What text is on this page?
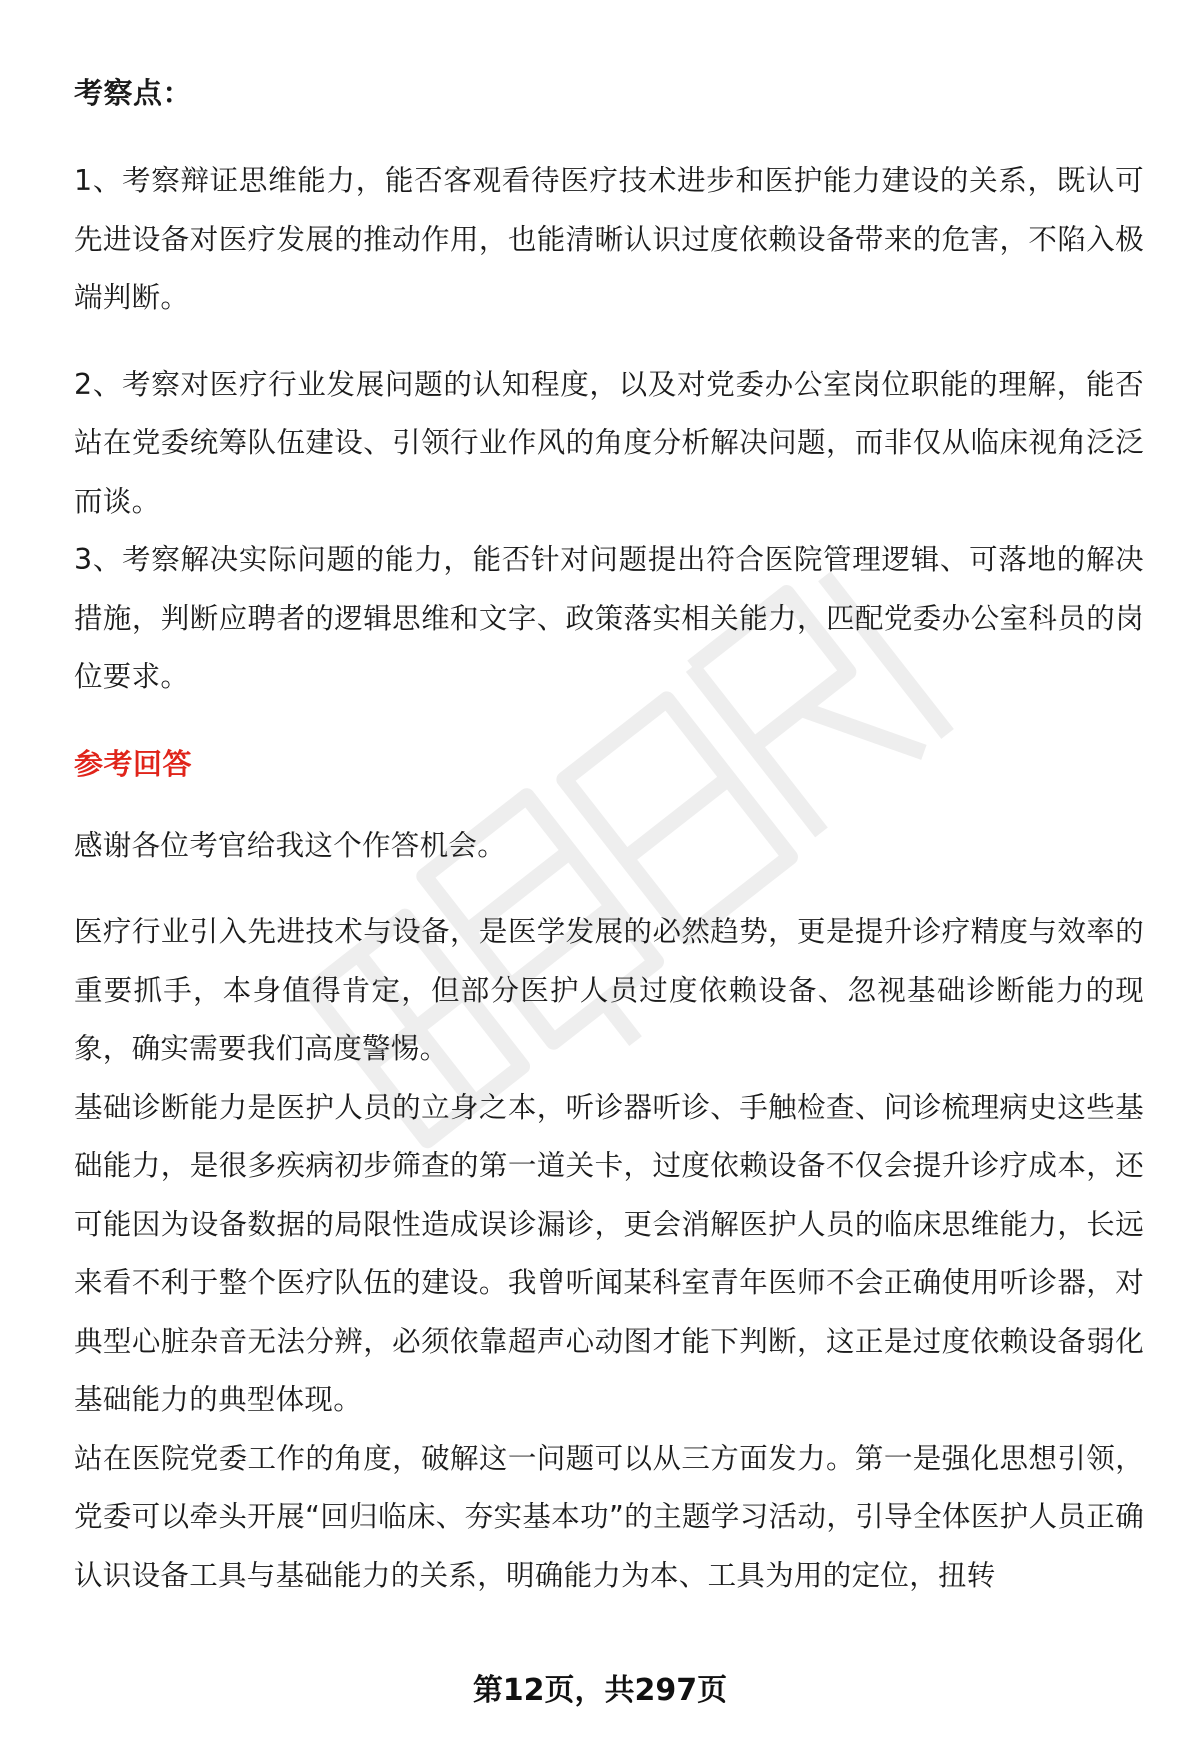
考察点：

1、考察辩证思维能力，能否客观看待医疗技术进步和医护能力建设的关系，既认可先进设备对医疗发展的推动作用，也能清晰认识过度依赖设备带来的危害，不陷入极端判断。

2、考察对医疗行业发展问题的认知程度，以及对党委办公室岗位职能的理解，能否站在党委统筹队伍建设、引领行业作风的角度分析解决问题，而非仅从临床视角泛泛而谈。

3、考察解决实际问题的能力，能否针对问题提出符合医院管理逻辑、可落地的解决措施，判断应聘者的逻辑思维和文字、政策落实相关能力，匹配党委办公室科员的岗位要求。

参考回答

感谢各位考官给我这个作答机会。

医疗行业引入先进技术与设备，是医学发展的必然趋势，更是提升诊疗精度与效率的重要抓手，本身值得肯定，但部分医护人员过度依赖设备、忽视基础诊断能力的现象，确实需要我们高度警惕。

基础诊断能力是医护人员的立身之本，听诊器听诊、手触检查、问诊梳理病史这些基础能力，是很多疾病初步筛查的第一道关卡，过度依赖设备不仅会提升诊疗成本，还可能因为设备数据的局限性造成误诊漏诊，更会消解医护人员的临床思维能力，长远来看不利于整个医疗队伍的建设。我曾听闻某科室青年医师不会正确使用听诊器，对典型心脏杂音无法分辨，必须依靠超声心动图才能下判断，这正是过度依赖设备弱化基础能力的典型体现。

站在医院党委工作的角度，破解这一问题可以从三方面发力。第一是强化思想引领，党委可以牵头开展“回归临床、夯实基本功”的主题学习活动，引导全体医护人员正确认识设备工具与基础能力的关系，明确能力为本、工具为用的定位，扭转

第12页，共297页
